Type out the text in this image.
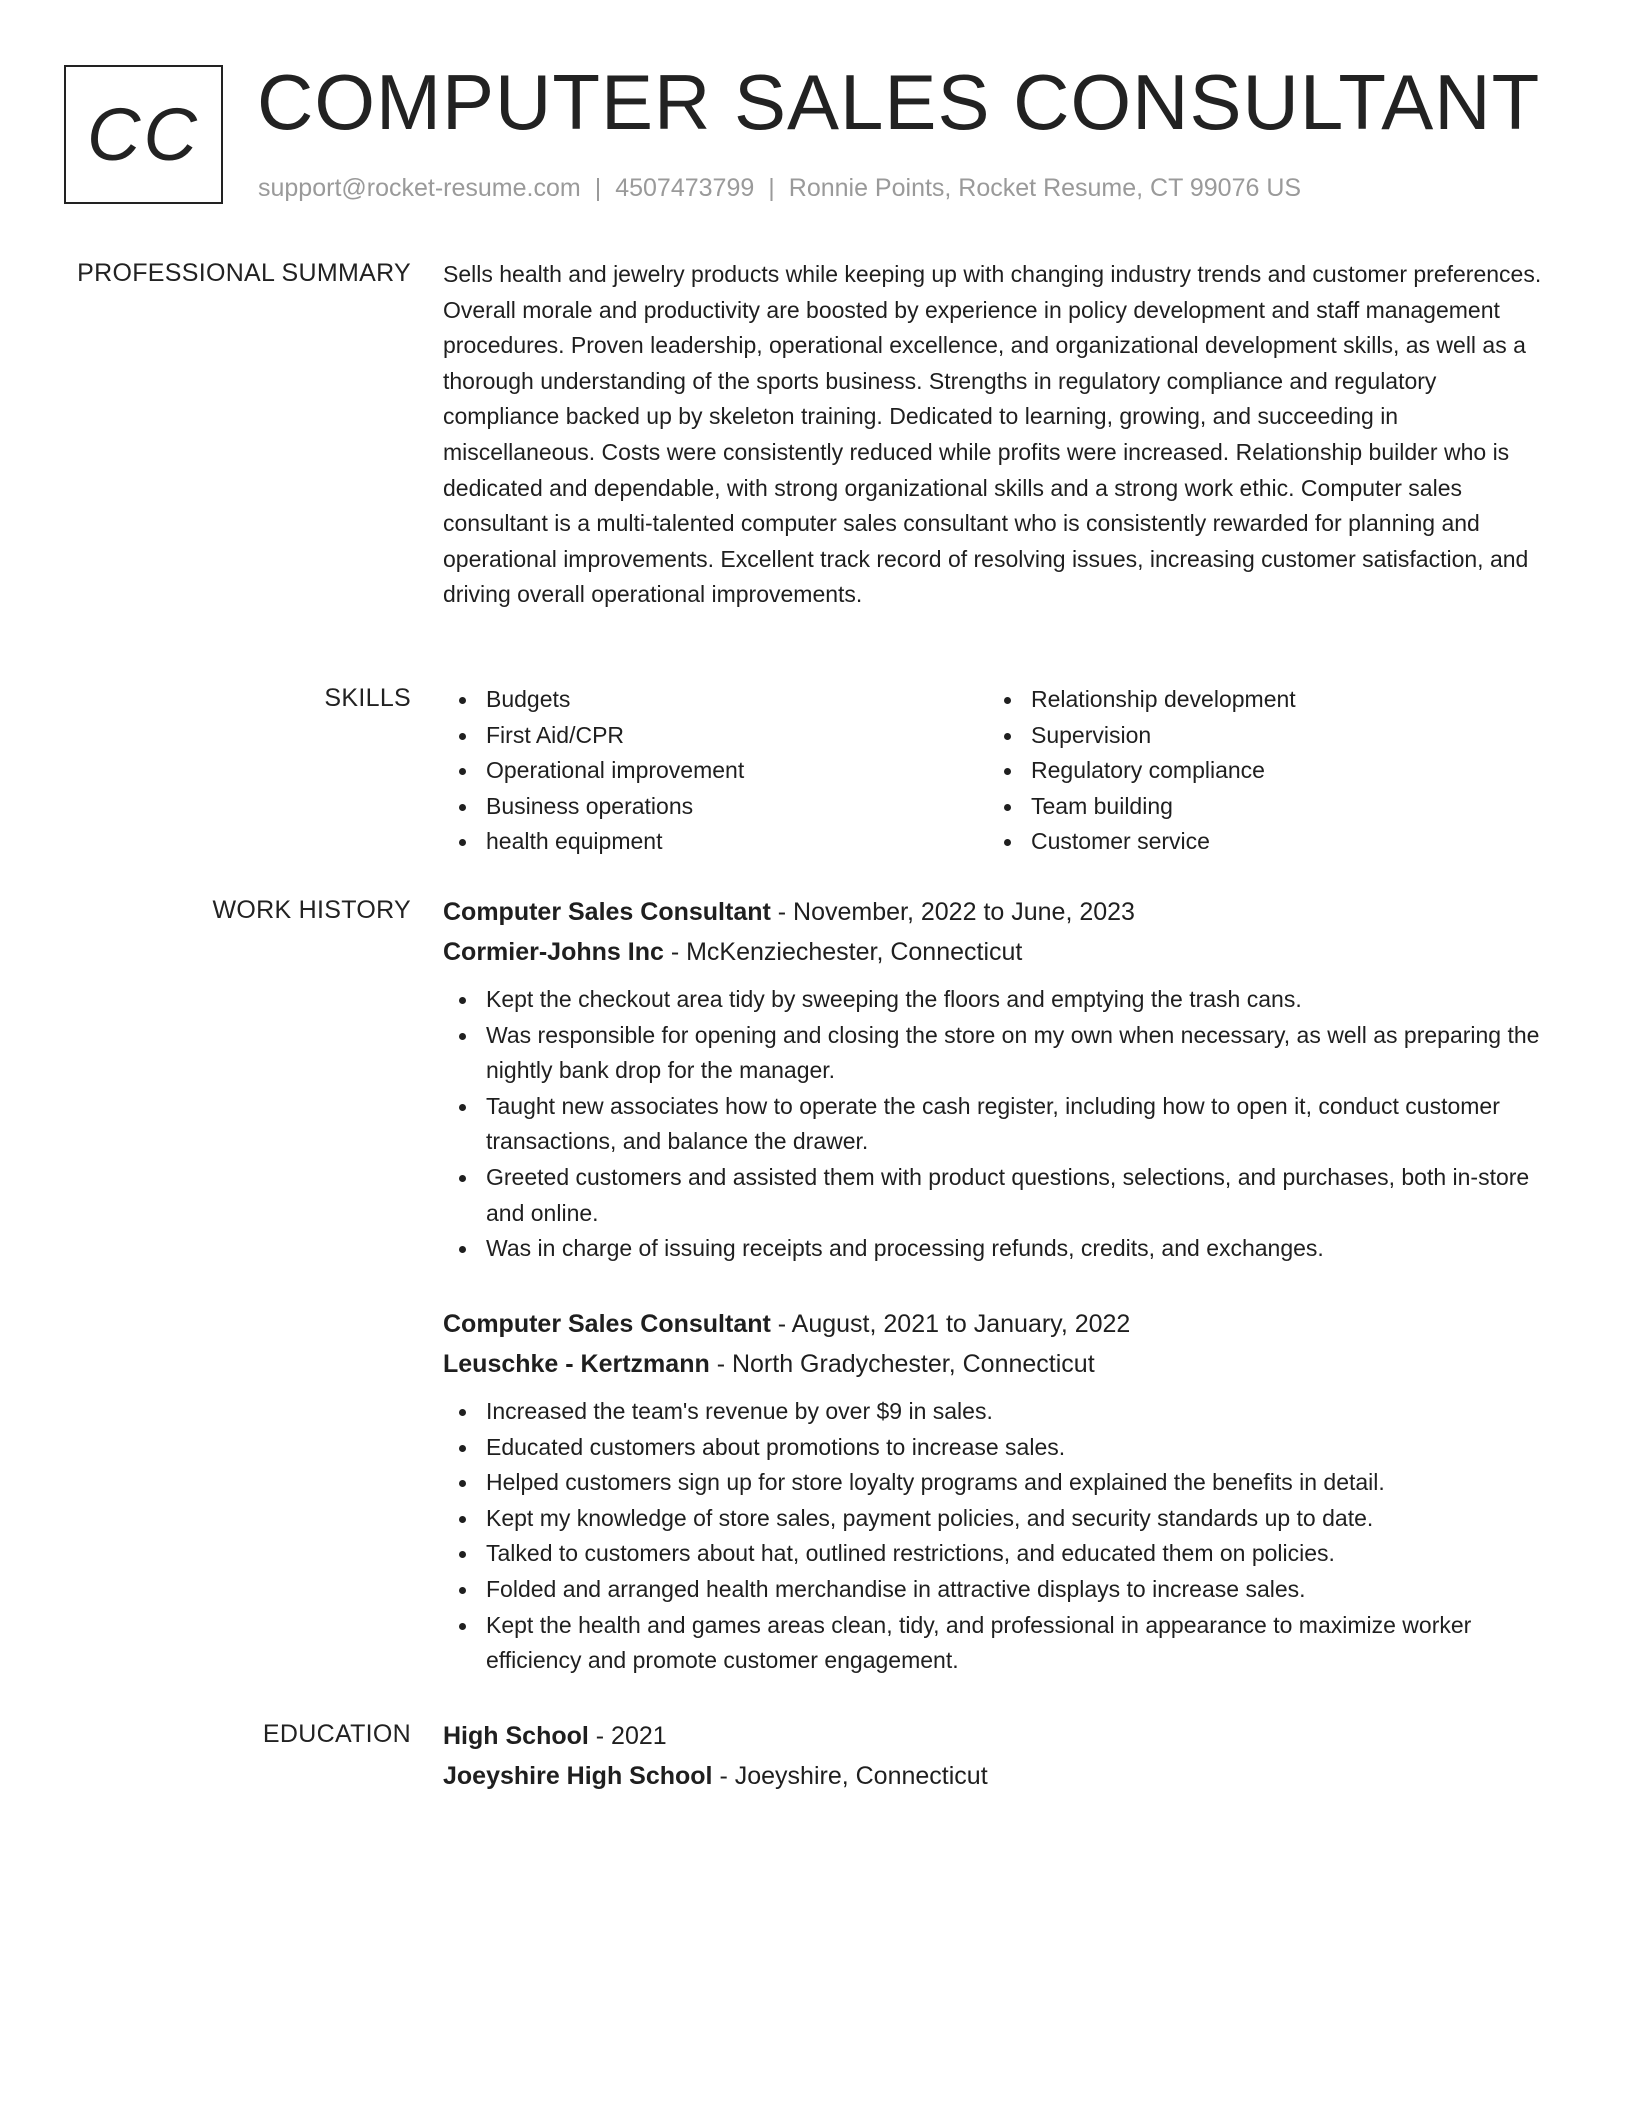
CC COMPUTER SALES CONSULTANT
support@rocket-resume.com | 4507473799 | Ronnie Points, Rocket Resume, CT 99076 US
PROFESSIONAL SUMMARY Sells health and jewelry products while keeping up with changing industry trends and customer preferences. Overall morale and productivity are boosted by experience in policy development and staff management procedures. Proven leadership, operational excellence, and organizational development skills, as well as a thorough understanding of the sports business. Strengths in regulatory compliance and regulatory compliance backed up by skeleton training. Dedicated to learning, growing, and succeeding in miscellaneous. Costs were consistently reduced while profits were increased. Relationship builder who is dedicated and dependable, with strong organizational skills and a strong work ethic. Computer sales consultant is a multi-talented computer sales consultant who is consistently rewarded for planning and operational improvements. Excellent track record of resolving issues, increasing customer satisfaction, and driving overall operational improvements.

SKILLS	Budgets
First Aid/CPR
Operational improvement
Business operations
health equipment
Relationship development
Supervision
Regulatory compliance
Team building
Customer service
WORK HISTORY Computer Sales Consultant - November, 2022 to June, 2023
Cormier-Johns Inc - McKenziechester, Connecticut
Kept the checkout area tidy by sweeping the floors and emptying the trash cans.
Was responsible for opening and closing the store on my own when necessary, as well as preparing the nightly bank drop for the manager.
Taught new associates how to operate the cash register, including how to open it, conduct customer transactions, and balance the drawer.
Greeted customers and assisted them with product questions, selections, and purchases, both in-store and online.
Was in charge of issuing receipts and processing refunds, credits, and exchanges.
Computer Sales Consultant - August, 2021 to January, 2022
Leuschke - Kertzmann - North Gradychester, Connecticut
Increased the team's revenue by over $9 in sales.
Educated customers about promotions to increase sales.
Helped customers sign up for store loyalty programs and explained the benefits in detail.
Kept my knowledge of store sales, payment policies, and security standards up to date.
Talked to customers about hat, outlined restrictions, and educated them on policies.
Folded and arranged health merchandise in attractive displays to increase sales.
Kept the health and games areas clean, tidy, and professional in appearance to maximize worker efficiency and promote customer engagement.
EDUCATION High School - 2021
Joeyshire High School - Joeyshire, Connecticut
